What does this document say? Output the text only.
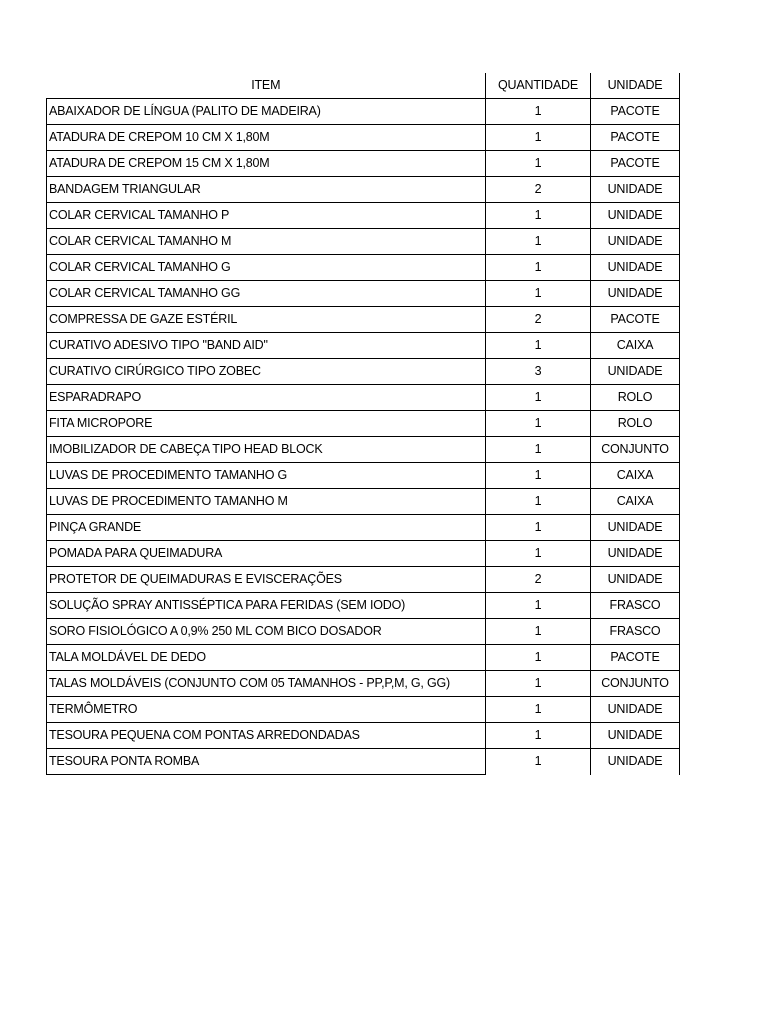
ITEM	QUANTIDADE	UNIDADE
ABAIXADOR DE LÍNGUA (PALITO DE MADEIRA)	1	PACOTE
ATADURA DE CREPOM 10 CM X 1,80M	1	PACOTE
ATADURA DE CREPOM 15 CM X 1,80M	1	PACOTE
BANDAGEM TRIANGULAR	2	UNIDADE
COLAR CERVICAL TAMANHO P	1	UNIDADE
COLAR CERVICAL TAMANHO M	1	UNIDADE
COLAR CERVICAL TAMANHO G	1	UNIDADE
COLAR CERVICAL TAMANHO GG	1	UNIDADE
COMPRESSA DE GAZE ESTÉRIL	2	PACOTE
CURATIVO ADESIVO TIPO "BAND AID"	1	CAIXA
CURATIVO CIRÚRGICO TIPO ZOBEC	3	UNIDADE
ESPARADRAPO	1	ROLO
FITA MICROPORE	1	ROLO
IMOBILIZADOR DE CABEÇA TIPO HEAD BLOCK	1	CONJUNTO
LUVAS DE PROCEDIMENTO TAMANHO G	1	CAIXA
LUVAS DE PROCEDIMENTO TAMANHO M	1	CAIXA
PINÇA GRANDE	1	UNIDADE
POMADA PARA QUEIMADURA	1	UNIDADE
PROTETOR DE QUEIMADURAS E EVISCERAÇÕES	2	UNIDADE
SOLUÇÃO SPRAY ANTISSÉPTICA PARA FERIDAS (SEM IODO)	1	FRASCO
SORO FISIOLÓGICO A 0,9% 250 ML COM BICO DOSADOR	1	FRASCO
TALA MOLDÁVEL DE DEDO	1	PACOTE
TALAS MOLDÁVEIS (CONJUNTO COM 05 TAMANHOS - PP,P,M, G, GG)	1	CONJUNTO
TERMÔMETRO	1	UNIDADE
TESOURA PEQUENA COM PONTAS ARREDONDADAS	1	UNIDADE
TESOURA PONTA ROMBA	1	UNIDADE
